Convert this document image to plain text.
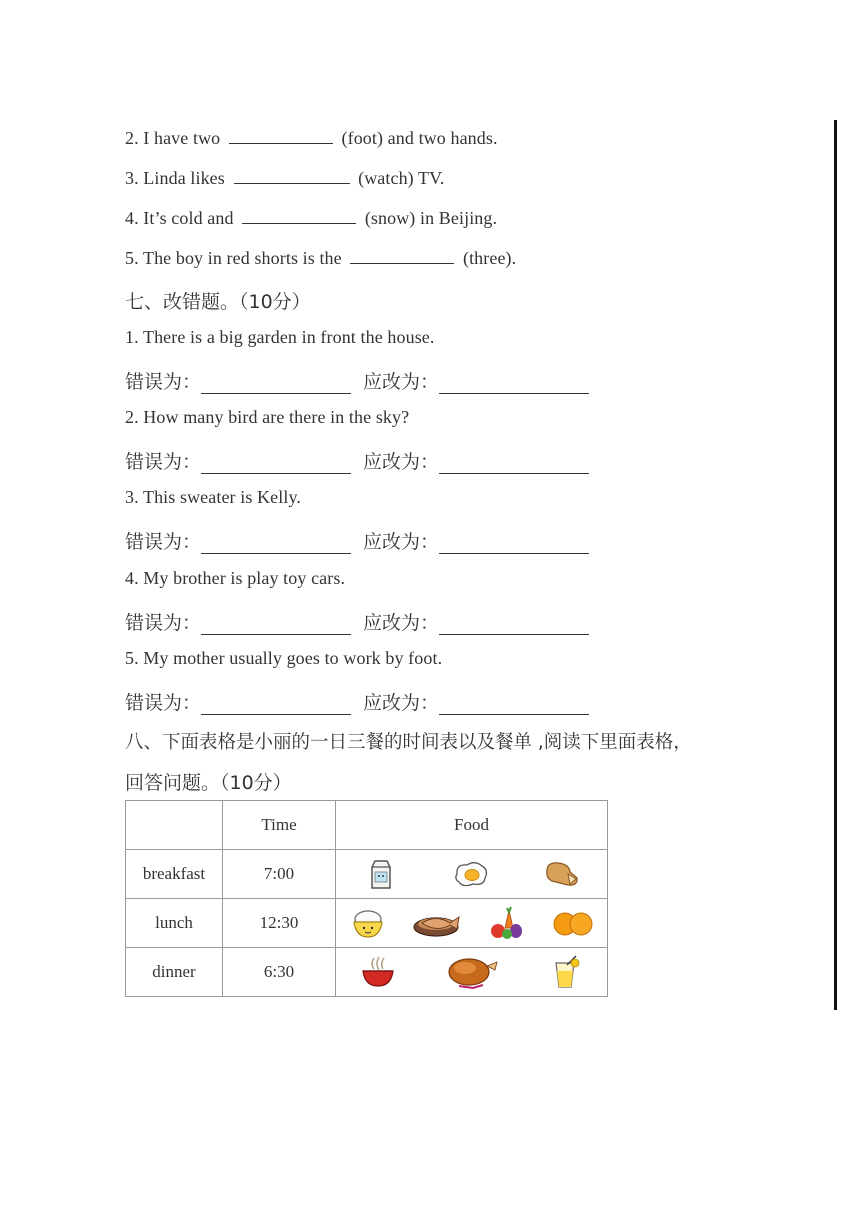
2. I have two	(foot) and two hands.
3. Linda likes	(watch) TV.
4. It’s cold and	(snow) in Beijing.
5. The boy in red shorts is the	(three).
七、改错题。（10分）
1. There is a big garden in front the house.
错误为：	应改为：
2. How many bird are there in the sky?
错误为：	应改为：
3. This sweater is Kelly.
错误为：	应改为：
4. My brother is play toy cars.
错误为：	应改为：
5. My mother usually goes to work by foot.
错误为：	应改为：
八、下面表格是小丽的一日三餐的时间表以及餐单 ,阅读下里面表格，
回答问题。（10分）
	Time	Food
breakfast	7:00	

lunch	12:30	

dinner	6:30	
